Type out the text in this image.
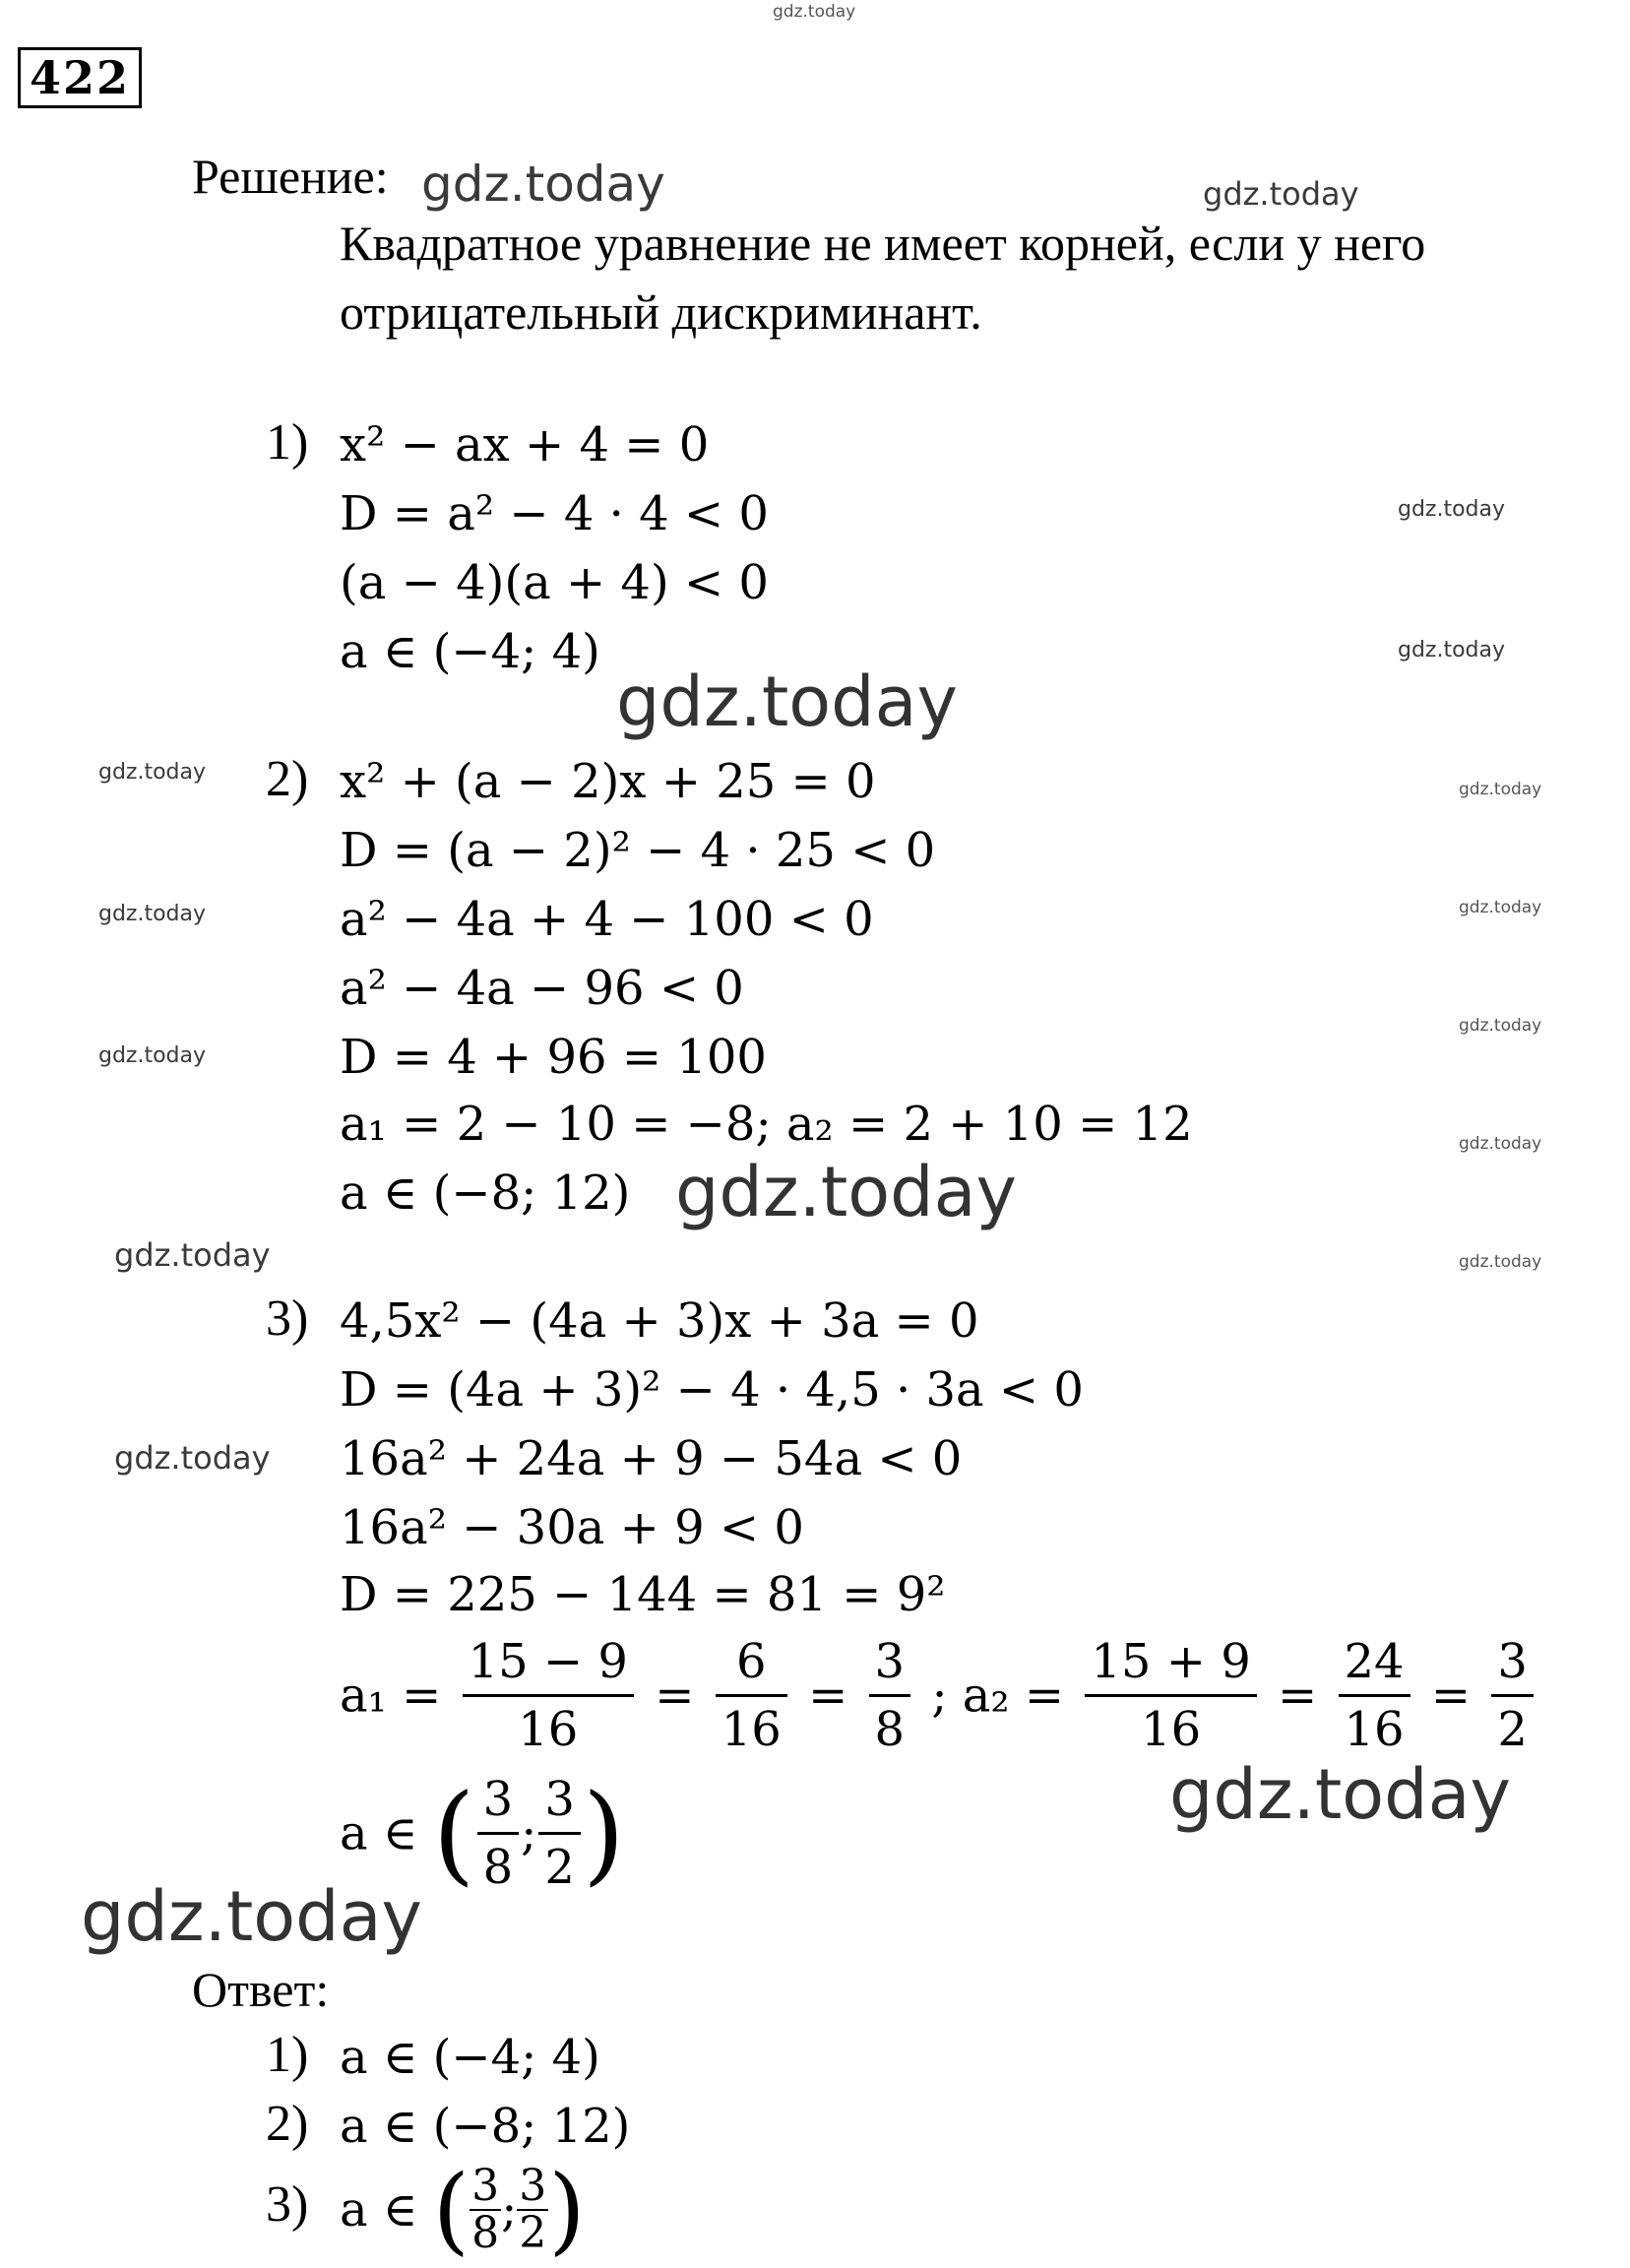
gdz.today
gdz.today	gdz.today
gdz.today
gdz.today
gdz.today
gdz.today
gdz.today
gdz.today	gdz.today
gdz.today
gdz.today
gdz.today
gdz.today
gdz.today	gdz.today
gdz.today
gdz.today
gdz.today
422
Решение:
Квадратное уравнение не имеет корней, если у него
отрицательный дискриминант.
1) x² − ax + 4 = 0
D = a² − 4 · 4 < 0
(a − 4)(a + 4) < 0
a ∈ (−4; 4)
2) x² + (a − 2)x + 25 = 0
D = (a − 2)² − 4 · 25 < 0
a² − 4a + 4 − 100 < 0
a² − 4a − 96 < 0
D = 4 + 96 = 100
a₁ = 2 − 10 = −8; a₂ = 2 + 10 = 12
a ∈ (−8; 12)
3) 4,5x² − (4a + 3)x + 3a = 0
D = (4a + 3)² − 4 · 4,5 · 3a < 0
16a² + 24a + 9 − 54a < 0
16a² − 30a + 9 < 0
D = 225 − 144 = 81 = 9²
$a_1 = \frac{15 - 9}{16} = \frac{6}{16} = \frac{3}{8}$ ; $a_2 = \frac{15 + 9}{16} = \frac{24}{16} = \frac{3}{2}$
a ∈ ( $\frac{3}{8}$ ; $\frac{3}{2}$ )
Ответ:
1) a ∈ (−4; 4)
2) a ∈ (−8; 12)
3) a ∈ ( $\frac{3}{8}$ ; $\frac{3}{2}$ )
